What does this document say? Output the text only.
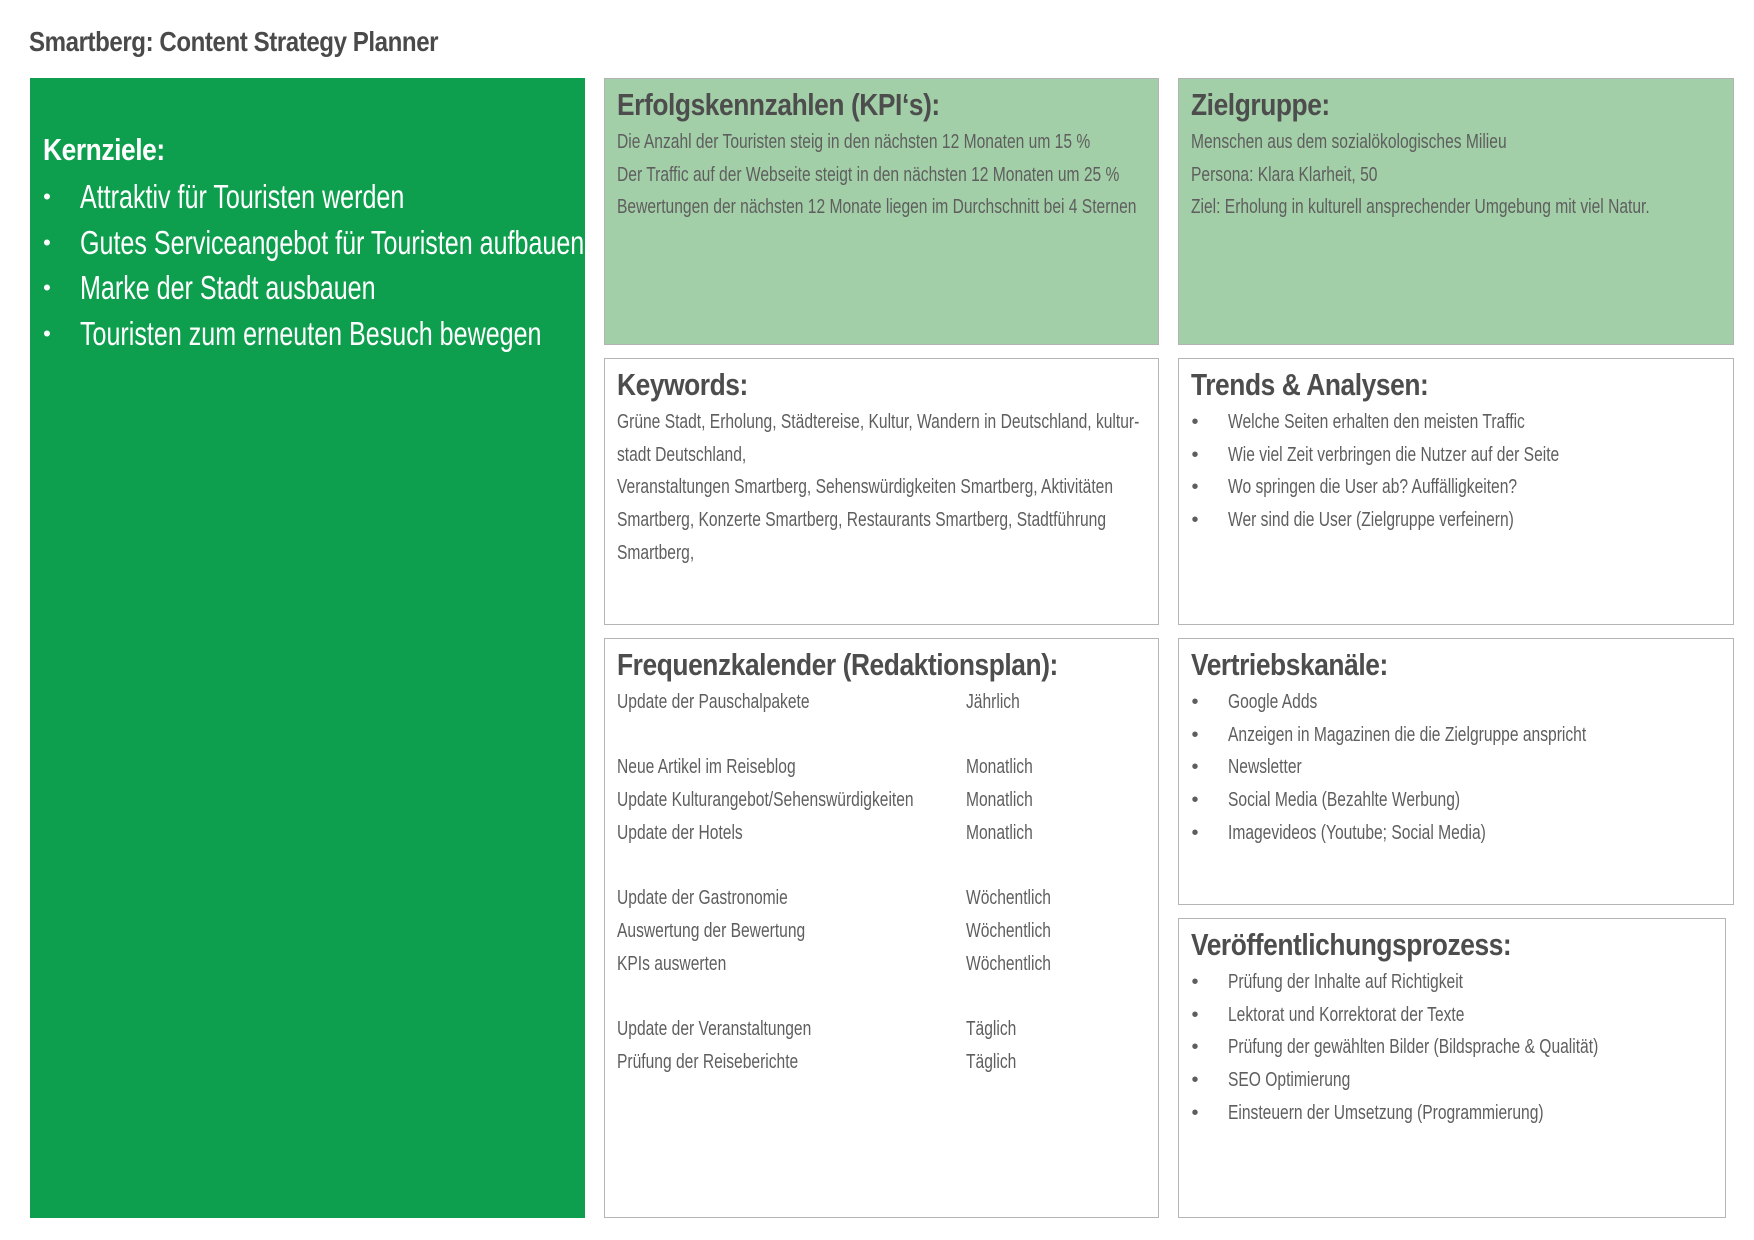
Smartberg: Content Strategy Planner
Kernziele:
• Attraktiv für Touristen werden
• Gutes Serviceangebot für Touristen aufbauen
• Marke der Stadt ausbauen
• Touristen zum erneuten Besuch bewegen
Erfolgskennzahlen (KPI‘s):
Die Anzahl der Touristen steig in den nächsten 12 Monaten um 15 %
Der Traffic auf der Webseite steigt in den nächsten 12 Monaten um 25 %
Bewertungen der nächsten 12 Monate liegen im Durchschnitt bei 4 Sternen
Zielgruppe:
Menschen aus dem sozialökologisches Milieu
Persona: Klara Klarheit, 50
Ziel: Erholung in kulturell ansprechender Umgebung mit viel Natur.
Keywords:
Grüne Stadt, Erholung, Städtereise, Kultur, Wandern in Deutschland, kultur-
stadt Deutschland,
Veranstaltungen Smartberg, Sehenswürdigkeiten Smartberg, Aktivitäten
Smartberg, Konzerte Smartberg, Restaurants Smartberg, Stadtführung
Smartberg,
Trends & Analysen:
• Welche Seiten erhalten den meisten Traffic
• Wie viel Zeit verbringen die Nutzer auf der Seite
• Wo springen die User ab? Auffälligkeiten?
• Wer sind die User (Zielgruppe verfeinern)
Frequenzkalender (Redaktionsplan):
Update der Pauschalpakete	Jährlich
Neue Artikel im Reiseblog	Monatlich
Update Kulturangebot/Sehenswürdigkeiten	Monatlich
Update der Hotels	Monatlich
Update der Gastronomie	Wöchentlich
Auswertung der Bewertung	Wöchentlich
KPIs auswerten	Wöchentlich
Update der Veranstaltungen	Täglich
Prüfung der Reiseberichte	Täglich
Vertriebskanäle:
• Google Adds
• Anzeigen in Magazinen die die Zielgruppe anspricht
• Newsletter
• Social Media (Bezahlte Werbung)
• Imagevideos (Youtube; Social Media)
Veröffentlichungsprozess:
• Prüfung der Inhalte auf Richtigkeit
• Lektorat und Korrektorat der Texte
• Prüfung der gewählten Bilder (Bildsprache & Qualität)
• SEO Optimierung
• Einsteuern der Umsetzung (Programmierung)
